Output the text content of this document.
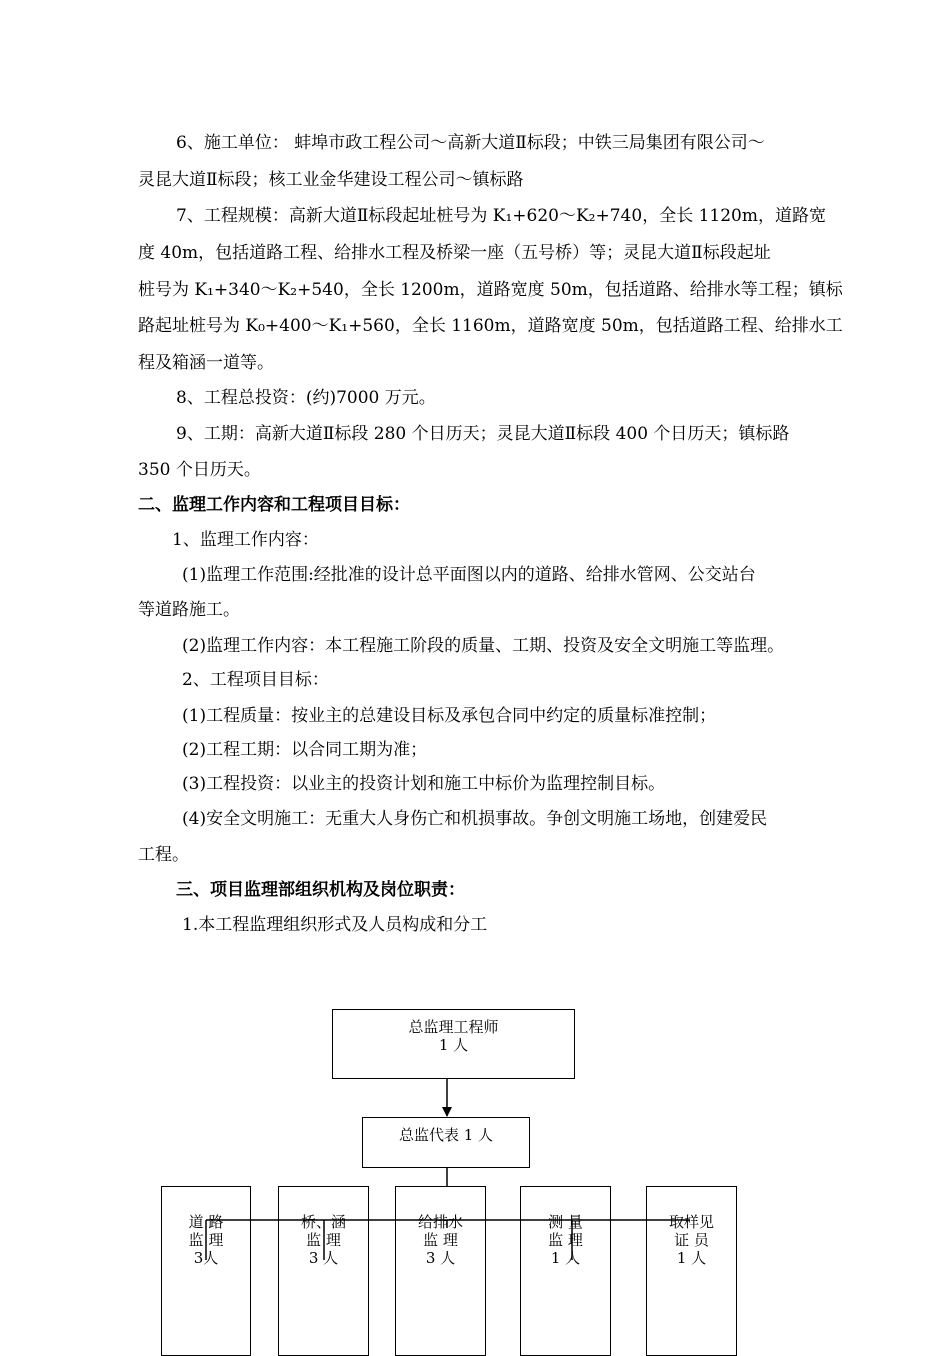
6、施工单位： 蚌埠市政工程公司～高新大道Ⅱ标段；中铁三局集团有限公司～
灵昆大道Ⅱ标段；核工业金华建设工程公司～镇标路
7、工程规模：高新大道Ⅱ标段起址桩号为 K₁+620～K₂+740，全长 1120m，道路宽
度 40m，包括道路工程、给排水工程及桥梁一座（五号桥）等；灵昆大道Ⅱ标段起址
桩号为 K₁+340～K₂+540，全长 1200m，道路宽度 50m，包括道路、给排水等工程；镇标
路起址桩号为 K₀+400～K₁+560，全长 1160m，道路宽度 50m，包括道路工程、给排水工
程及箱涵一道等。
8、工程总投资：(约)7000 万元。
9、工期：高新大道Ⅱ标段 280 个日历天；灵昆大道Ⅱ标段 400 个日历天；镇标路
350 个日历天。
二、监理工作内容和工程项目目标：
1、监理工作内容：
(1)监理工作范围:经批准的设计总平面图以内的道路、给排水管网、公交站台
等道路施工。
(2)监理工作内容：本工程施工阶段的质量、工期、投资及安全文明施工等监理。
2、工程项目目标：
(1)工程质量：按业主的总建设目标及承包合同中约定的质量标准控制；
(2)工程工期：以合同工期为准；
(3)工程投资：以业主的投资计划和施工中标价为监理控制目标。
(4)安全文明施工：无重大人身伤亡和机损事故。争创文明施工场地，创建爱民
工程。
三、项目监理部组织机构及岗位职责：
1.本工程监理组织形式及人员构成和分工
总监理工程师
1 人
总监代表 1 人
道 路
监 理
3人
桥、涵
监 理
3 人
给排水
监 理
3 人
测 量
监 理
1 人
取样见
证 员
1 人
